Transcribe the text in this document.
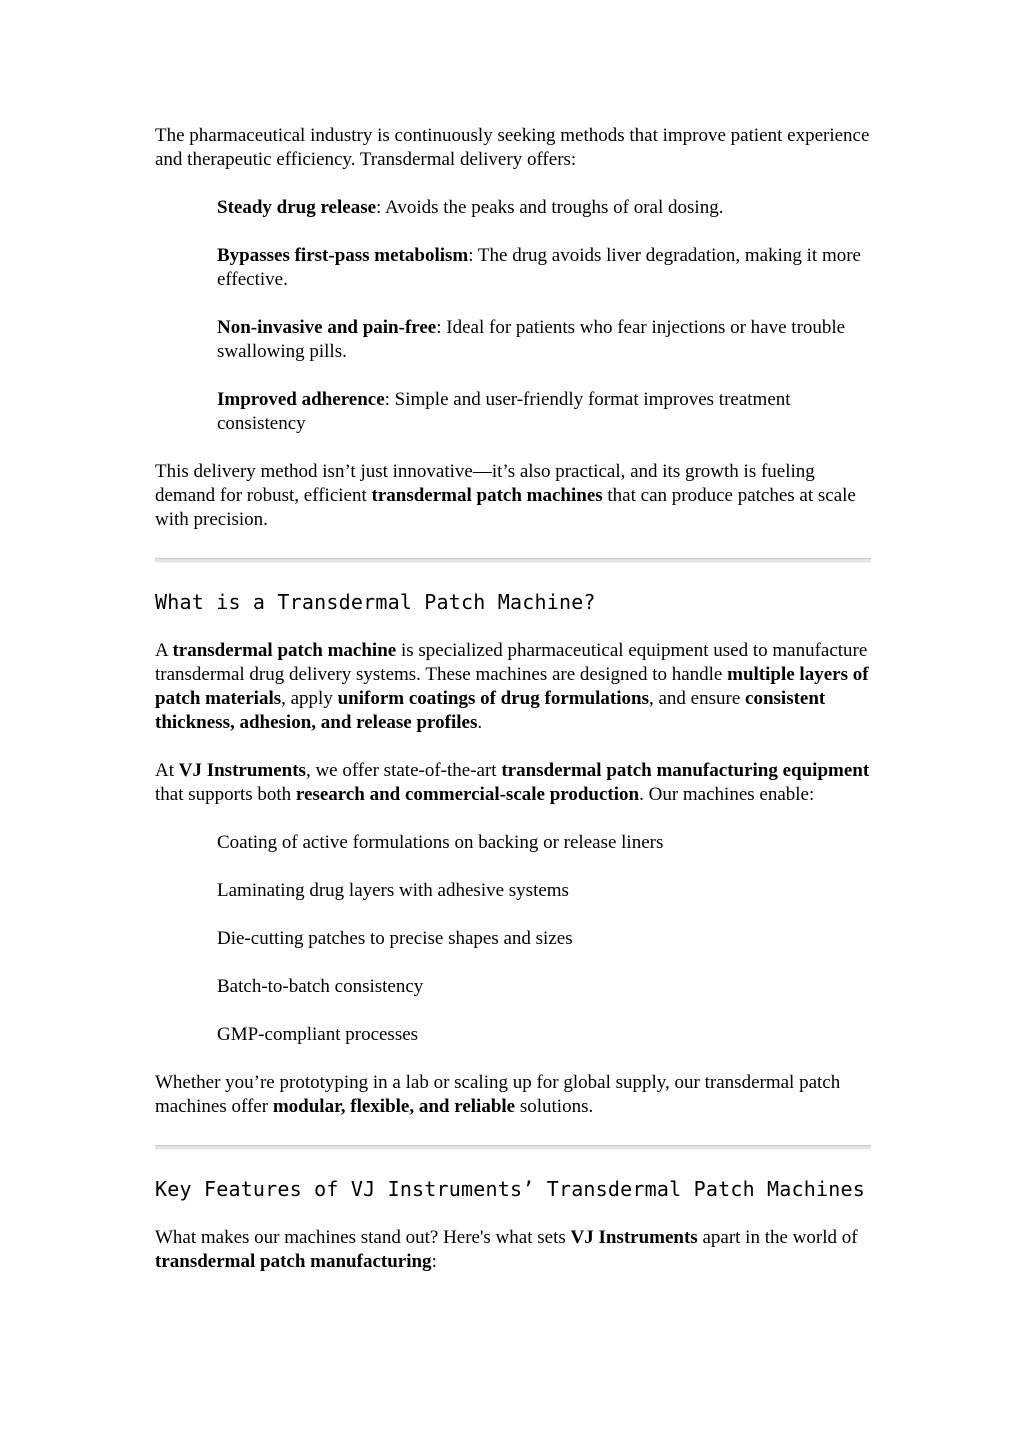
The pharmaceutical industry is continuously seeking methods that improve patient experience and therapeutic efficiency. Transdermal delivery offers:

Steady drug release: Avoids the peaks and troughs of oral dosing.
Bypasses first-pass metabolism: The drug avoids liver degradation, making it more effective.
Non-invasive and pain-free: Ideal for patients who fear injections or have trouble swallowing pills.
Improved adherence: Simple and user-friendly format improves treatment consistency

This delivery method isn’t just innovative—it’s also practical, and its growth is fueling demand for robust, efficient transdermal patch machines that can produce patches at scale with precision.

What is a Transdermal Patch Machine?

A transdermal patch machine is specialized pharmaceutical equipment used to manufacture transdermal drug delivery systems. These machines are designed to handle multiple layers of patch materials, apply uniform coatings of drug formulations, and ensure consistent thickness, adhesion, and release profiles.

At VJ Instruments, we offer state-of-the-art transdermal patch manufacturing equipment that supports both research and commercial-scale production. Our machines enable:

Coating of active formulations on backing or release liners
Laminating drug layers with adhesive systems
Die-cutting patches to precise shapes and sizes
Batch-to-batch consistency
GMP-compliant processes

Whether you’re prototyping in a lab or scaling up for global supply, our transdermal patch machines offer modular, flexible, and reliable solutions.

Key Features of VJ Instruments’ Transdermal Patch Machines

What makes our machines stand out? Here's what sets VJ Instruments apart in the world of transdermal patch manufacturing:
